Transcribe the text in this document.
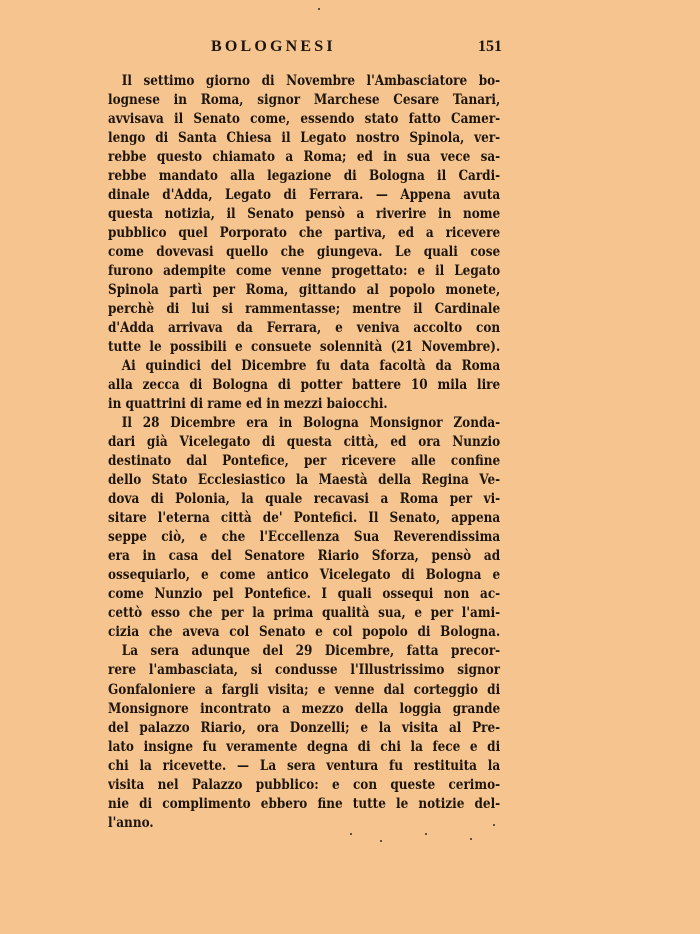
BOLOGNESI	151
Il settimo giorno di Novembre l'Ambasciatore bo-
lognese in Roma, signor Marchese Cesare Tanari,
avvisava il Senato come, essendo stato fatto Camer-
lengo di Santa Chiesa il Legato nostro Spinola, ver-
rebbe questo chiamato a Roma; ed in sua vece sa-
rebbe mandato alla legazione di Bologna il Cardi-
dinale d'Adda, Legato di Ferrara. — Appena avuta
questa notizia, il Senato pensò a riverire in nome
pubblico quel Porporato che partiva, ed a ricevere
come dovevasi quello che giungeva. Le quali cose
furono adempite come venne progettato: e il Legato
Spinola partì per Roma, gittando al popolo monete,
perchè di lui si rammentasse; mentre il Cardinale
d'Adda arrivava da Ferrara, e veniva accolto con
tutte le possibili e consuete solennità (21 Novembre).
Ai quindici del Dicembre fu data facoltà da Roma
alla zecca di Bologna di potter battere 10 mila lire
in quattrini di rame ed in mezzi baiocchi.
Il 28 Dicembre era in Bologna Monsignor Zonda-
dari già Vicelegato di questa città, ed ora Nunzio
destinato dal Pontefice, per ricevere alle confine
dello Stato Ecclesiastico la Maestà della Regina Ve-
dova di Polonia, la quale recavasi a Roma per vi-
sitare l'eterna città de' Pontefici. Il Senato, appena
seppe ciò, e che l'Eccellenza Sua Reverendissima
era in casa del Senatore Riario Sforza, pensò ad
ossequiarlo, e come antico Vicelegato di Bologna e
come Nunzio pel Pontefice. I quali ossequi non ac-
cettò esso che per la prima qualità sua, e per l'ami-
cizia che aveva col Senato e col popolo di Bologna.
La sera adunque del 29 Dicembre, fatta precor-
rere l'ambasciata, si condusse l'Illustrissimo signor
Gonfaloniere a fargli visita; e venne dal corteggio di
Monsignore incontrato a mezzo della loggia grande
del palazzo Riario, ora Donzelli; e la visita al Pre-
lato insigne fu veramente degna di chi la fece e di
chi la ricevette. — La sera ventura fu restituita la
visita nel Palazzo pubblico: e con queste cerimo-
nie di complimento ebbero fine tutte le notizie del-
l'anno.
